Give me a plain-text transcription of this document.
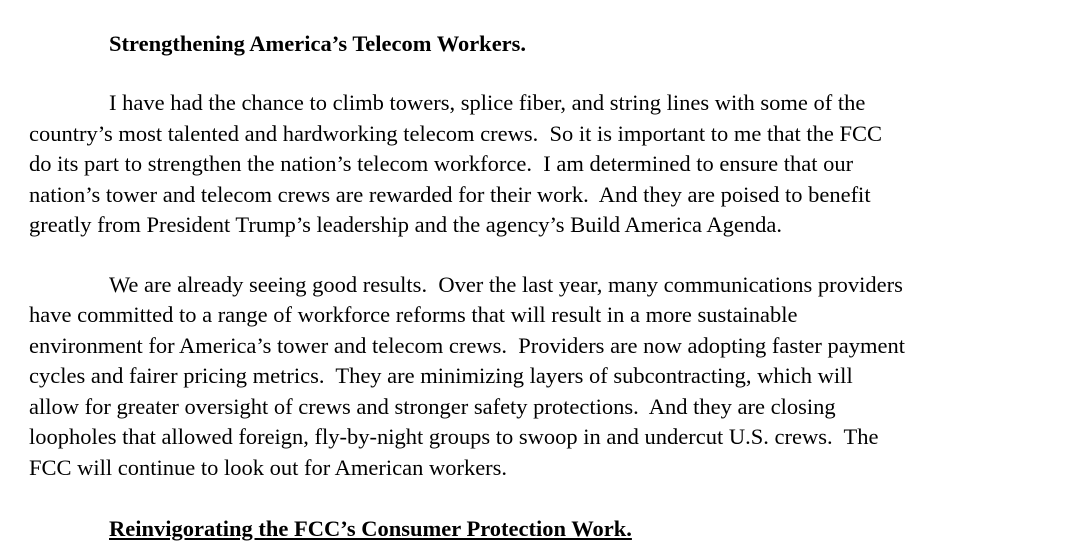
Strengthening America’s Telecom Workers.
I have had the chance to climb towers, splice fiber, and string lines with some of the
country’s most talented and hardworking telecom crews.  So it is important to me that the FCC
do its part to strengthen the nation’s telecom workforce.  I am determined to ensure that our
nation’s tower and telecom crews are rewarded for their work.  And they are poised to benefit
greatly from President Trump’s leadership and the agency’s Build America Agenda.
We are already seeing good results.  Over the last year, many communications providers
have committed to a range of workforce reforms that will result in a more sustainable
environment for America’s tower and telecom crews.  Providers are now adopting faster payment
cycles and fairer pricing metrics.  They are minimizing layers of subcontracting, which will
allow for greater oversight of crews and stronger safety protections.  And they are closing
loopholes that allowed foreign, fly-by-night groups to swoop in and undercut U.S. crews.  The
FCC will continue to look out for American workers.
Reinvigorating the FCC’s Consumer Protection Work.
